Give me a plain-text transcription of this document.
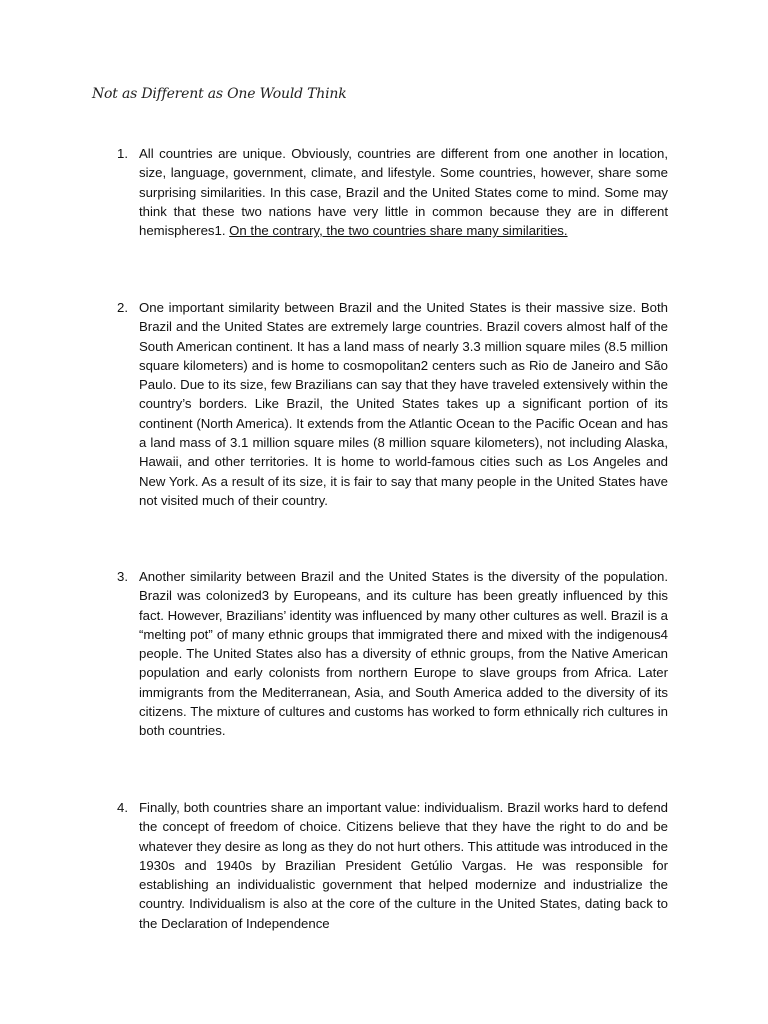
Not as Different as One Would Think
1. All countries are unique. Obviously, countries are different from one another in location, size, language, government, climate, and lifestyle. Some countries, however, share some surprising similarities. In this case, Brazil and the United States come to mind. Some may think that these two nations have very little in common because they are in different hemispheres1. On the contrary, the two countries share many similarities.
2. One important similarity between Brazil and the United States is their massive size. Both Brazil and the United States are extremely large countries. Brazil covers almost half of the South American continent. It has a land mass of nearly 3.3 million square miles (8.5 million square kilometers) and is home to cosmopolitan2 centers such as Rio de Janeiro and São Paulo. Due to its size, few Brazilians can say that they have traveled extensively within the country’s borders. Like Brazil, the United States takes up a significant portion of its continent (North America). It extends from the Atlantic Ocean to the Pacific Ocean and has a land mass of 3.1 million square miles (8 million square kilometers), not including Alaska, Hawaii, and other territories. It is home to world-famous cities such as Los Angeles and New York. As a result of its size, it is fair to say that many people in the United States have not visited much of their country.
3. Another similarity between Brazil and the United States is the diversity of the population. Brazil was colonized3 by Europeans, and its culture has been greatly influenced by this fact. However, Brazilians’ identity was influenced by many other cultures as well. Brazil is a “melting pot” of many ethnic groups that immigrated there and mixed with the indigenous4 people. The United States also has a diversity of ethnic groups, from the Native American population and early colonists from northern Europe to slave groups from Africa. Later immigrants from the Mediterranean, Asia, and South America added to the diversity of its citizens. The mixture of cultures and customs has worked to form ethnically rich cultures in both countries.
4. Finally, both countries share an important value: individualism. Brazil works hard to defend the concept of freedom of choice. Citizens believe that they have the right to do and be whatever they desire as long as they do not hurt others. This attitude was introduced in the 1930s and 1940s by Brazilian President Getúlio Vargas. He was responsible for establishing an individualistic government that helped modernize and industrialize the country. Individualism is also at the core of the culture in the United States, dating back to the Declaration of Independence
